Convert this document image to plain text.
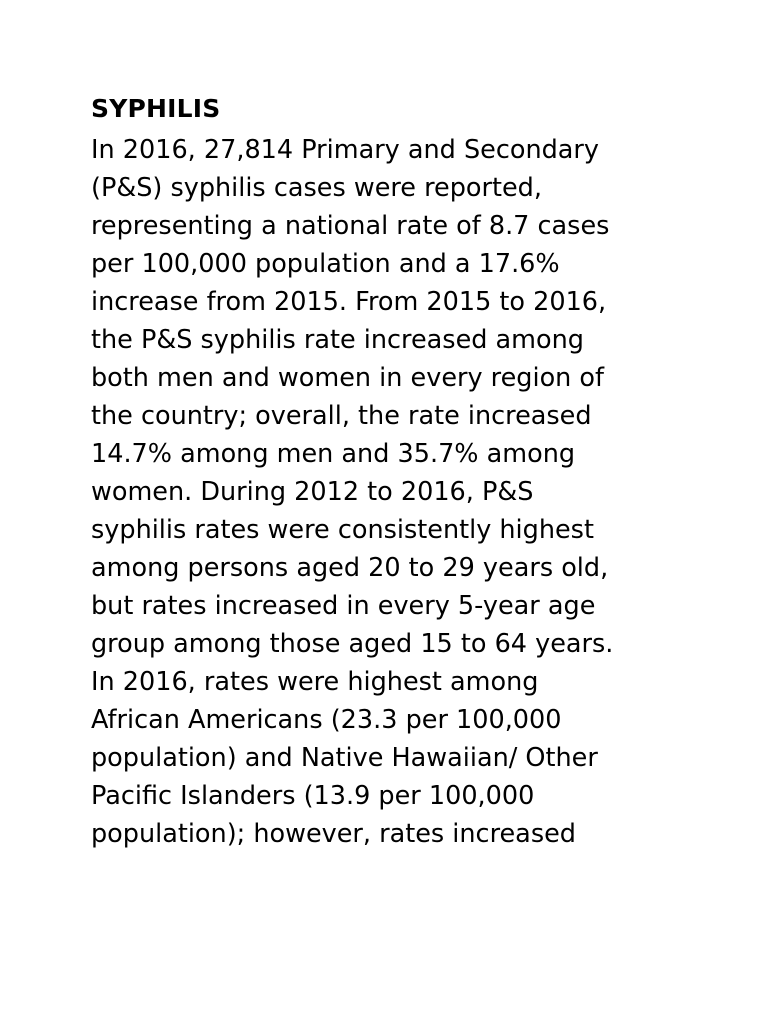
SYPHILIS

In 2016, 27,814 Primary and Secondary
(P&S) syphilis cases were reported,
representing a national rate of 8.7 cases
per 100,000 population and a 17.6%
increase from 2015. From 2015 to 2016,
the P&S syphilis rate increased among
both men and women in every region of
the country; overall, the rate increased
14.7% among men and 35.7% among
women. During 2012 to 2016, P&S
syphilis rates were consistently highest
among persons aged 20 to 29 years old,
but rates increased in every 5-year age
group among those aged 15 to 64 years.
In 2016, rates were highest among
African Americans (23.3 per 100,000
population) and Native Hawaiian/ Other
Pacific Islanders (13.9 per 100,000
population); however, rates increased
